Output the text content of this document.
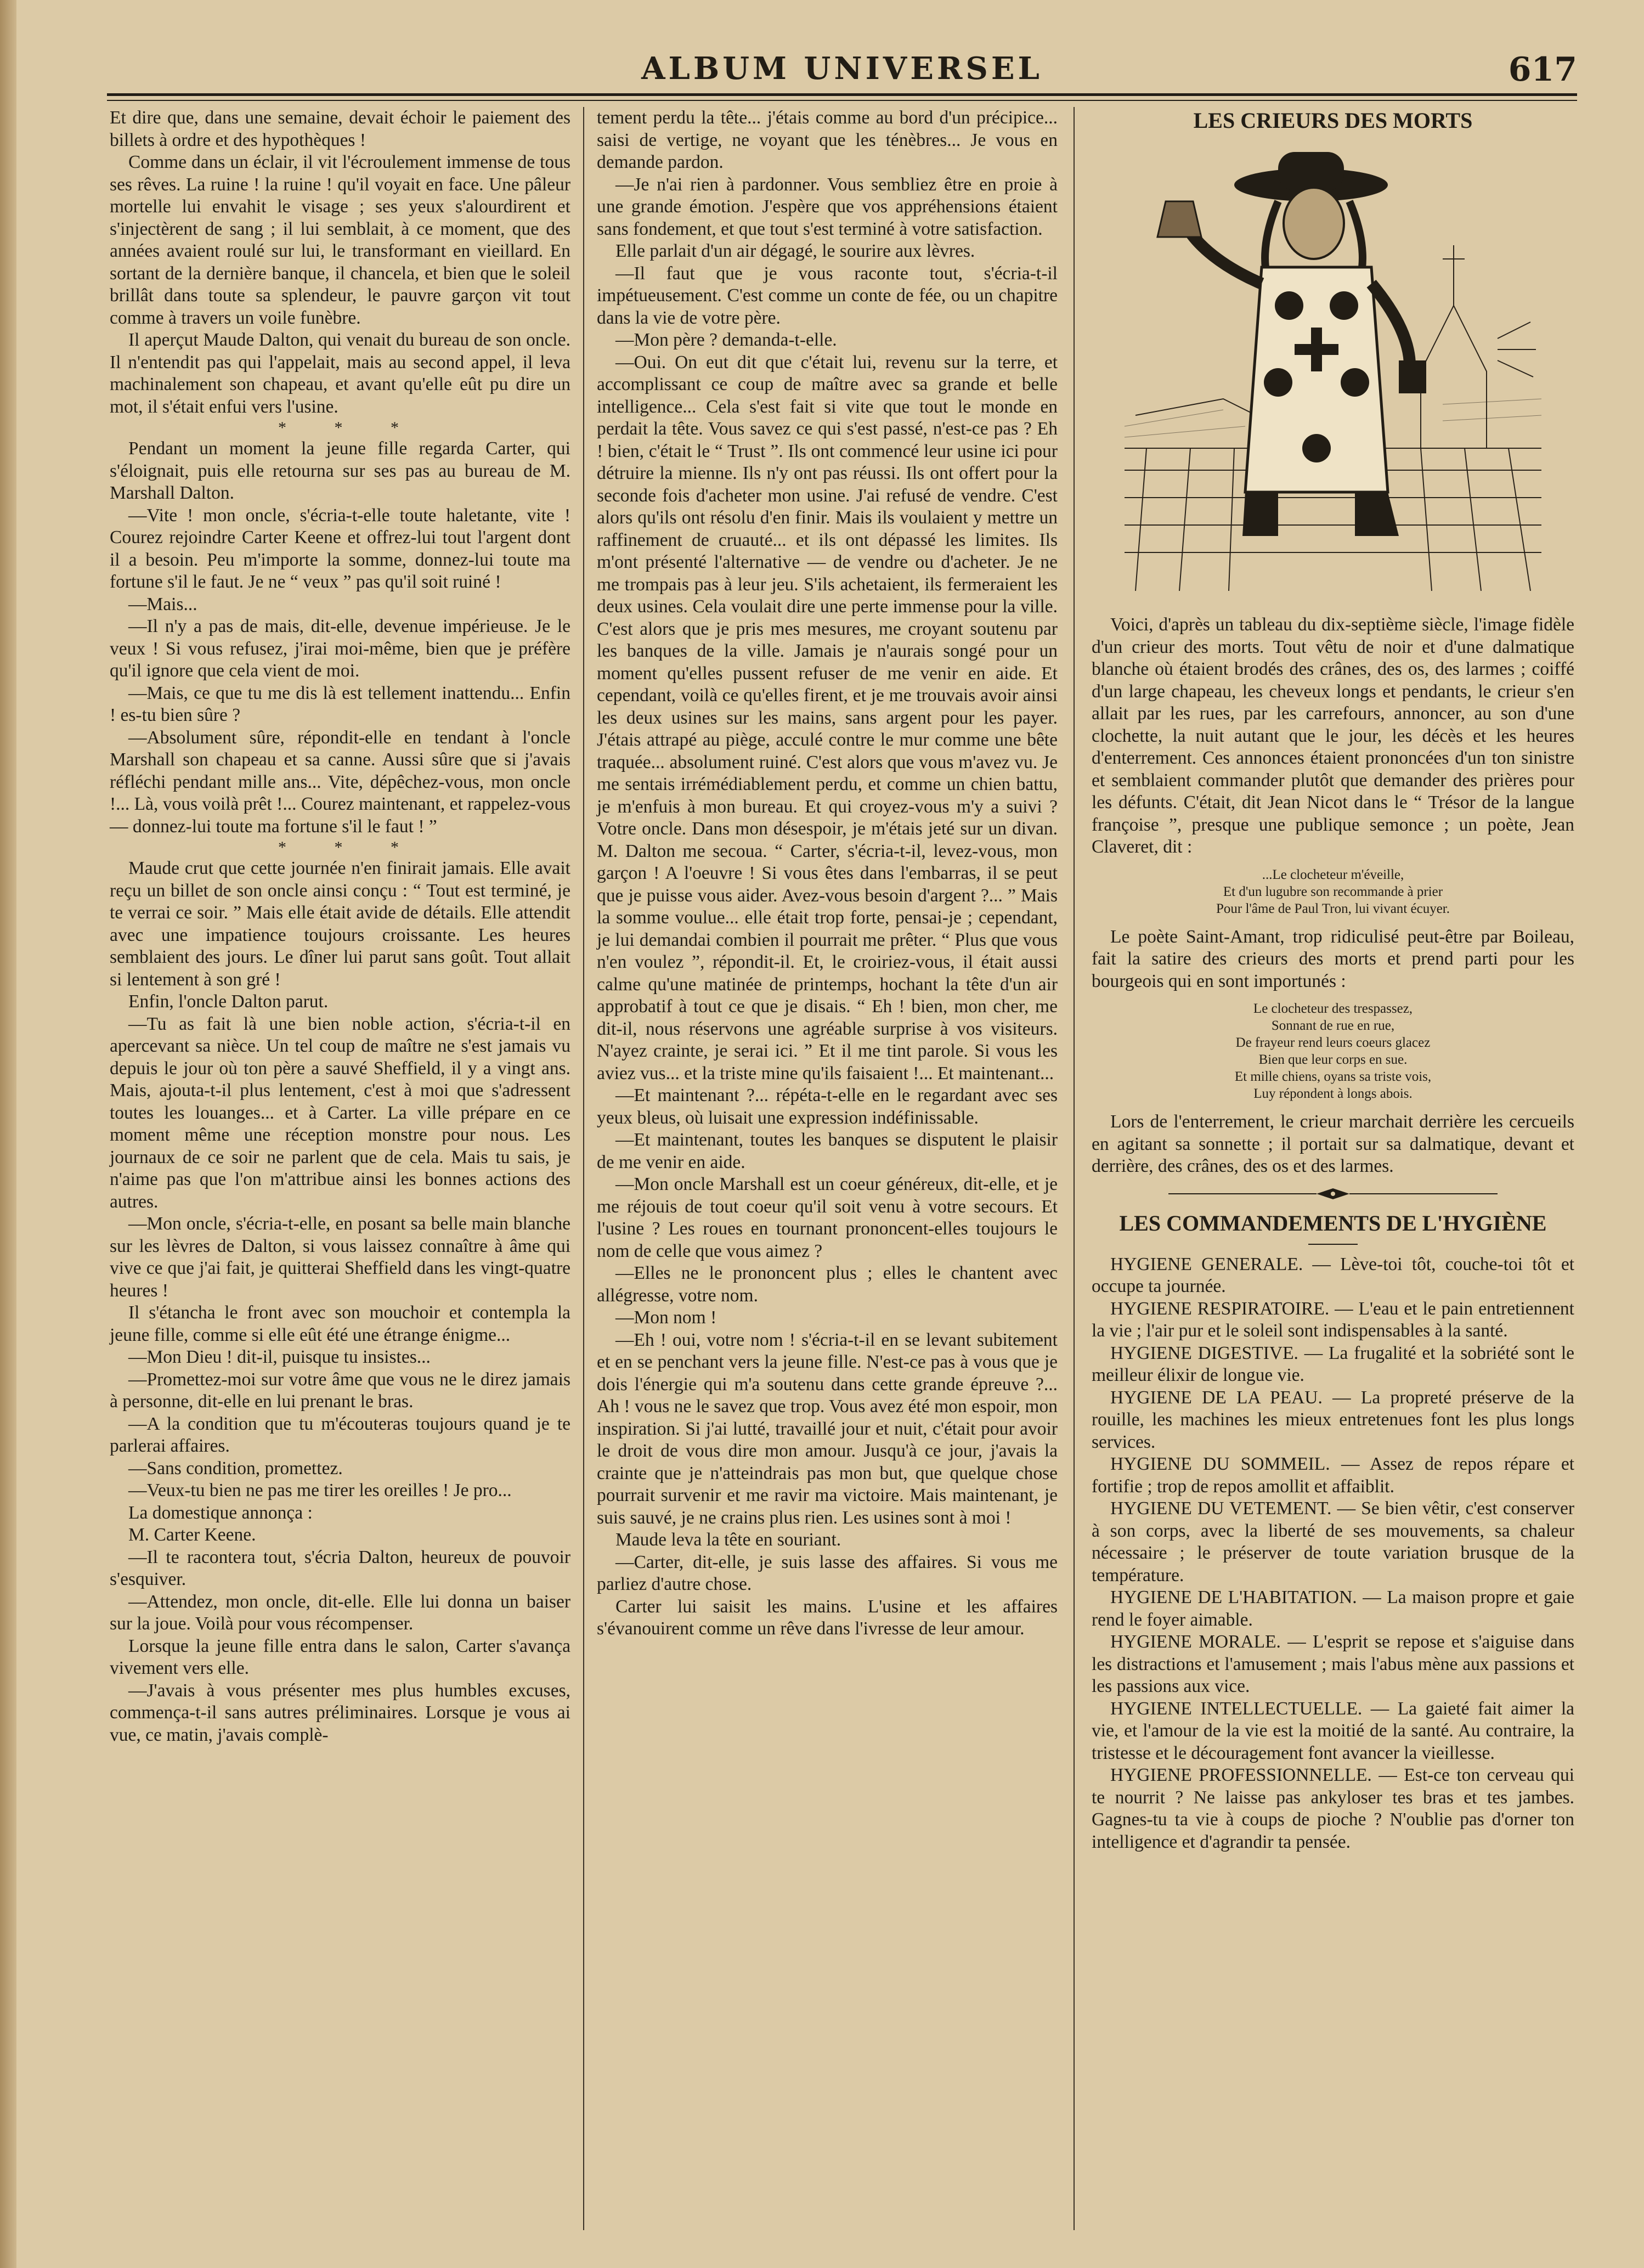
ALBUM UNIVERSEL	617

Et dire que, dans une semaine, devait échoir le paiement des billets à ordre et des hypothèques !

Comme dans un éclair, il vit l'écroulement immense de tous ses rêves. La ruine ! la ruine ! qu'il voyait en face. Une pâleur mortelle lui envahit le visage ; ses yeux s'alourdirent et s'injectèrent de sang ; il lui semblait, à ce moment, que des années avaient roulé sur lui, le transformant en vieillard. En sortant de la dernière banque, il chancela, et bien que le soleil brillât dans toute sa splendeur, le pauvre garçon vit tout comme à travers un voile funèbre.

Il aperçut Maude Dalton, qui venait du bureau de son oncle. Il n'entendit pas qui l'appelait, mais au second appel, il leva machinalement son chapeau, et avant qu'elle eût pu dire un mot, il s'était enfui vers l'usine.

* * *

Pendant un moment la jeune fille regarda Carter, qui s'éloignait, puis elle retourna sur ses pas au bureau de M. Marshall Dalton.

—Vite ! mon oncle, s'écria-t-elle toute haletante, vite ! Courez rejoindre Carter Keene et offrez-lui tout l'argent dont il a besoin. Peu m'importe la somme, donnez-lui toute ma fortune s'il le faut. Je ne “ veux ” pas qu'il soit ruiné !

—Mais...

—Il n'y a pas de mais, dit-elle, devenue impérieuse. Je le veux ! Si vous refusez, j'irai moi-même, bien que je préfère qu'il ignore que cela vient de moi.

—Mais, ce que tu me dis là est tellement inattendu... Enfin ! es-tu bien sûre ?

—Absolument sûre, répondit-elle en tendant à l'oncle Marshall son chapeau et sa canne. Aussi sûre que si j'avais réfléchi pendant mille ans... Vite, dépêchez-vous, mon oncle !... Là, vous voilà prêt !... Courez maintenant, et rappelez-vous — donnez-lui toute ma fortune s'il le faut ! ”

* * *

Maude crut que cette journée n'en finirait jamais. Elle avait reçu un billet de son oncle ainsi conçu : “ Tout est terminé, je te verrai ce soir. ” Mais elle était avide de détails. Elle attendit avec une impatience toujours croissante. Les heures semblaient des jours. Le dîner lui parut sans goût. Tout allait si lentement à son gré !

Enfin, l'oncle Dalton parut.

—Tu as fait là une bien noble action, s'écria-t-il en apercevant sa nièce. Un tel coup de maître ne s'est jamais vu depuis le jour où ton père a sauvé Sheffield, il y a vingt ans. Mais, ajouta-t-il plus lentement, c'est à moi que s'adressent toutes les louanges... et à Carter. La ville prépare en ce moment même une réception monstre pour nous. Les journaux de ce soir ne parlent que de cela. Mais tu sais, je n'aime pas que l'on m'attribue ainsi les bonnes actions des autres.

—Mon oncle, s'écria-t-elle, en posant sa belle main blanche sur les lèvres de Dalton, si vous laissez connaître à âme qui vive ce que j'ai fait, je quitterai Sheffield dans les vingt-quatre heures !

Il s'étancha le front avec son mouchoir et contempla la jeune fille, comme si elle eût été une étrange énigme...

—Mon Dieu ! dit-il, puisque tu insistes...

—Promettez-moi sur votre âme que vous ne le direz jamais à personne, dit-elle en lui prenant le bras.

—A la condition que tu m'écouteras toujours quand je te parlerai affaires.

—Sans condition, promettez.

—Veux-tu bien ne pas me tirer les oreilles ! Je pro...

La domestique annonça :

M. Carter Keene.

—Il te racontera tout, s'écria Dalton, heureux de pouvoir s'esquiver.

—Attendez, mon oncle, dit-elle. Elle lui donna un baiser sur la joue. Voilà pour vous récompenser.

Lorsque la jeune fille entra dans le salon, Carter s'avança vivement vers elle.

—J'avais à vous présenter mes plus humbles excuses, commença-t-il sans autres préliminaires. Lorsque je vous ai vue, ce matin, j'avais complè-

tement perdu la tête... j'étais comme au bord d'un précipice... saisi de vertige, ne voyant que les ténèbres... Je vous en demande pardon.

—Je n'ai rien à pardonner. Vous sembliez être en proie à une grande émotion. J'espère que vos appréhensions étaient sans fondement, et que tout s'est terminé à votre satisfaction.

Elle parlait d'un air dégagé, le sourire aux lèvres.

—Il faut que je vous raconte tout, s'écria-t-il impétueusement. C'est comme un conte de fée, ou un chapitre dans la vie de votre père.

—Mon père ? demanda-t-elle.

—Oui. On eut dit que c'était lui, revenu sur la terre, et accomplissant ce coup de maître avec sa grande et belle intelligence... Cela s'est fait si vite que tout le monde en perdait la tête. Vous savez ce qui s'est passé, n'est-ce pas ? Eh ! bien, c'était le “ Trust ”. Ils ont commencé leur usine ici pour détruire la mienne. Ils n'y ont pas réussi. Ils ont offert pour la seconde fois d'acheter mon usine. J'ai refusé de vendre. C'est alors qu'ils ont résolu d'en finir. Mais ils voulaient y mettre un raffinement de cruauté... et ils ont dépassé les limites. Ils m'ont présenté l'alternative — de vendre ou d'acheter. Je ne me trompais pas à leur jeu. S'ils achetaient, ils fermeraient les deux usines. Cela voulait dire une perte immense pour la ville. C'est alors que je pris mes mesures, me croyant soutenu par les banques de la ville. Jamais je n'aurais songé pour un moment qu'elles pussent refuser de me venir en aide. Et cependant, voilà ce qu'elles firent, et je me trouvais avoir ainsi les deux usines sur les mains, sans argent pour les payer. J'étais attrapé au piège, acculé contre le mur comme une bête traquée... absolument ruiné. C'est alors que vous m'avez vu. Je me sentais irrémédiablement perdu, et comme un chien battu, je m'enfuis à mon bureau. Et qui croyez-vous m'y a suivi ? Votre oncle. Dans mon désespoir, je m'étais jeté sur un divan. M. Dalton me secoua. “ Carter, s'écria-t-il, levez-vous, mon garçon ! A l'oeuvre ! Si vous êtes dans l'embarras, il se peut que je puisse vous aider. Avez-vous besoin d'argent ?... ” Mais la somme voulue... elle était trop forte, pensai-je ; cependant, je lui demandai combien il pourrait me prêter. “ Plus que vous n'en voulez ”, répondit-il. Et, le croiriez-vous, il était aussi calme qu'une matinée de printemps, hochant la tête d'un air approbatif à tout ce que je disais. “ Eh ! bien, mon cher, me dit-il, nous réservons une agréable surprise à vos visiteurs. N'ayez crainte, je serai ici. ” Et il me tint parole. Si vous les aviez vus... et la triste mine qu'ils faisaient !... Et maintenant...

—Et maintenant ?... répéta-t-elle en le regardant avec ses yeux bleus, où luisait une expression indéfinissable.

—Et maintenant, toutes les banques se disputent le plaisir de me venir en aide.

—Mon oncle Marshall est un coeur généreux, dit-elle, et je me réjouis de tout coeur qu'il soit venu à votre secours. Et l'usine ? Les roues en tournant prononcent-elles toujours le nom de celle que vous aimez ?

—Elles ne le prononcent plus ; elles le chantent avec allégresse, votre nom.

—Mon nom !

—Eh ! oui, votre nom ! s'écria-t-il en se levant subitement et en se penchant vers la jeune fille. N'est-ce pas à vous que je dois l'énergie qui m'a soutenu dans cette grande épreuve ?... Ah ! vous ne le savez que trop. Vous avez été mon espoir, mon inspiration. Si j'ai lutté, travaillé jour et nuit, c'était pour avoir le droit de vous dire mon amour. Jusqu'à ce jour, j'avais la crainte que je n'atteindrais pas mon but, que quelque chose pourrait survenir et me ravir ma victoire. Mais maintenant, je suis sauvé, je ne crains plus rien. Les usines sont à moi !

Maude leva la tête en souriant.

—Carter, dit-elle, je suis lasse des affaires. Si vous me parliez d'autre chose.

Carter lui saisit les mains. L'usine et les affaires s'évanouirent comme un rêve dans l'ivresse de leur amour.

LES CRIEURS DES MORTS

Voici, d'après un tableau du dix-septième siècle, l'image fidèle d'un crieur des morts. Tout vêtu de noir et d'une dalmatique blanche où étaient brodés des crânes, des os, des larmes ; coiffé d'un large chapeau, les cheveux longs et pendants, le crieur s'en allait par les rues, par les carrefours, annoncer, au son d'une clochette, la nuit autant que le jour, les décès et les heures d'enterrement. Ces annonces étaient prononcées d'un ton sinistre et semblaient commander plutôt que demander des prières pour les défunts. C'était, dit Jean Nicot dans le “ Trésor de la langue françoise ”, presque une publique semonce ; un poète, Jean Claveret, dit :

...Le clocheteur m'éveille,
Et d'un lugubre son recommande à prier
Pour l'âme de Paul Tron, lui vivant écuyer.

Le poète Saint-Amant, trop ridiculisé peut-être par Boileau, fait la satire des crieurs des morts et prend parti pour les bourgeois qui en sont importunés :

Le clocheteur des trespassez,
Sonnant de rue en rue,
De frayeur rend leurs coeurs glacez
Bien que leur corps en sue.
Et mille chiens, oyans sa triste vois,
Luy répondent à longs abois.

Lors de l'enterrement, le crieur marchait derrière les cercueils en agitant sa sonnette ; il portait sur sa dalmatique, devant et derrière, des crânes, des os et des larmes.

LES COMMANDEMENTS DE L'HYGIÈNE

HYGIENE GENERALE. — Lève-toi tôt, couche-toi tôt et occupe ta journée.

HYGIENE RESPIRATOIRE. — L'eau et le pain entretiennent la vie ; l'air pur et le soleil sont indispensables à la santé.

HYGIENE DIGESTIVE. — La frugalité et la sobriété sont le meilleur élixir de longue vie.

HYGIENE DE LA PEAU. — La propreté préserve de la rouille, les machines les mieux entretenues font les plus longs services.

HYGIENE DU SOMMEIL. — Assez de repos répare et fortifie ; trop de repos amollit et affaiblit.

HYGIENE DU VETEMENT. — Se bien vêtir, c'est conserver à son corps, avec la liberté de ses mouvements, sa chaleur nécessaire ; le préserver de toute variation brusque de la température.

HYGIENE DE L'HABITATION. — La maison propre et gaie rend le foyer aimable.

HYGIENE MORALE. — L'esprit se repose et s'aiguise dans les distractions et l'amusement ; mais l'abus mène aux passions et les passions aux vice.

HYGIENE INTELLECTUELLE. — La gaieté fait aimer la vie, et l'amour de la vie est la moitié de la santé. Au contraire, la tristesse et le découragement font avancer la vieillesse.

HYGIENE PROFESSIONNELLE. — Est-ce ton cerveau qui te nourrit ? Ne laisse pas ankyloser tes bras et tes jambes. Gagnes-tu ta vie à coups de pioche ? N'oublie pas d'orner ton intelligence et d'agrandir ta pensée.
